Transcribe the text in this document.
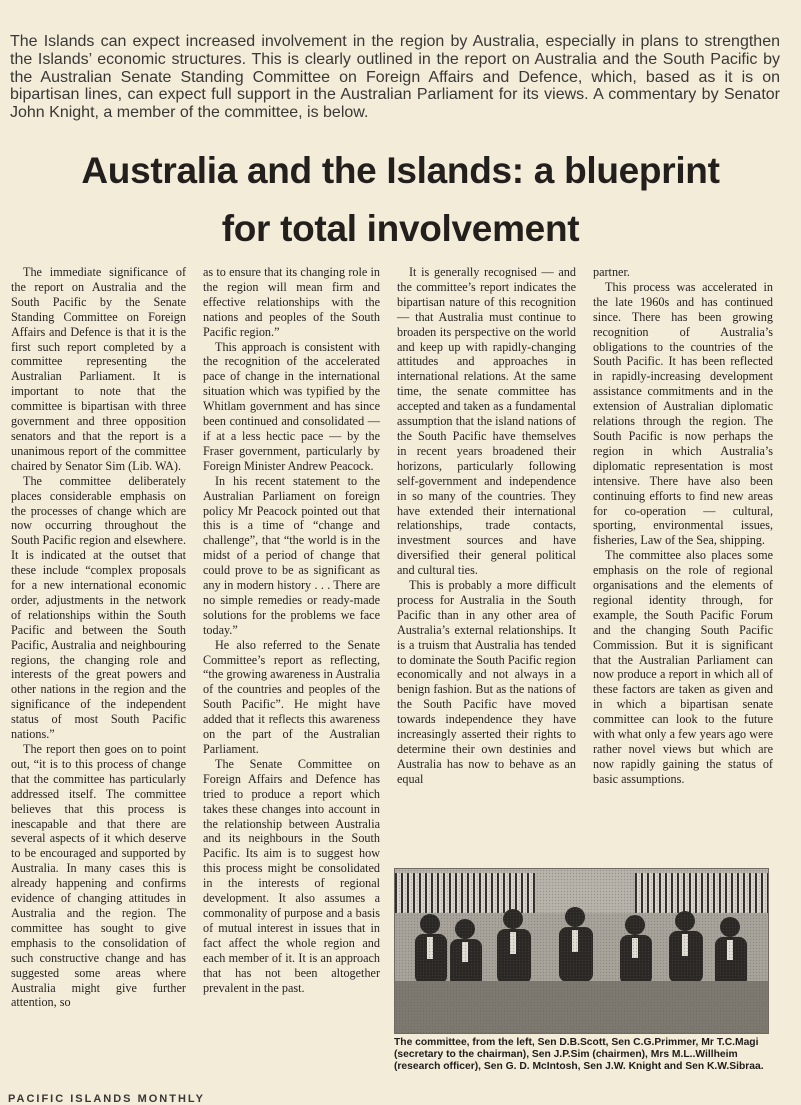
The Islands can expect increased involvement in the region by Australia, especially in plans to strengthen the Islands’ economic structures. This is clearly outlined in the report on Australia and the South Pacific by the Australian Senate Standing Committee on Foreign Affairs and Defence, which, based as it is on bipartisan lines, can expect full support in the Australian Parliament for its views. A commentary by Senator John Knight, a member of the committee, is below.

Australia and the Islands: a blueprint
for total involvement

The immediate significance of the report on Australia and the South Pacific by the Senate Standing Committee on Foreign Affairs and Defence is that it is the first such report completed by a committee representing the Australian Parliament. It is important to note that the committee is bipartisan with three government and three opposition senators and that the report is a unanimous report of the committee chaired by Senator Sim (Lib. WA).

The committee deliberately places considerable emphasis on the processes of change which are now occurring throughout the South Pacific region and elsewhere. It is indicated at the outset that these include “complex proposals for a new international economic order, adjustments in the network of relationships within the South Pacific and between the South Pacific, Australia and neighbouring regions, the changing role and interests of the great powers and other nations in the region and the significance of the independent status of most South Pacific nations.”

The report then goes on to point out, “it is to this process of change that the committee has particularly addressed itself. The committee believes that this process is inescapable and that there are several aspects of it which deserve to be encouraged and supported by Australia. In many cases this is already happening and confirms evidence of changing attitudes in Australia and the region. The committee has sought to give emphasis to the consolidation of such constructive change and has suggested some areas where Australia might give further attention, so

as to ensure that its changing role in the region will mean firm and effective relationships with the nations and peoples of the South Pacific region.”

This approach is consistent with the recognition of the accelerated pace of change in the international situation which was typified by the Whitlam government and has since been continued and consolidated — if at a less hectic pace — by the Fraser government, particularly by Foreign Minister Andrew Peacock.

In his recent statement to the Australian Parliament on foreign policy Mr Peacock pointed out that this is a time of “change and challenge”, that “the world is in the midst of a period of change that could prove to be as significant as any in modern history . . . There are no simple remedies or ready-made solutions for the problems we face today.”

He also referred to the Senate Committee’s report as reflecting, “the growing awareness in Australia of the countries and peoples of the South Pacific”. He might have added that it reflects this awareness on the part of the Australian Parliament.

The Senate Committee on Foreign Affairs and Defence has tried to produce a report which takes these changes into account in the relationship between Australia and its neighbours in the South Pacific. Its aim is to suggest how this process might be consolidated in the interests of regional development. It also assumes a commonality of purpose and a basis of mutual interest in issues that in fact affect the whole region and each member of it. It is an approach that has not been altogether prevalent in the past.

It is generally recognised — and the committee’s report indicates the bipartisan nature of this recognition — that Australia must continue to broaden its perspective on the world and keep up with rapidly-changing attitudes and approaches in international relations. At the same time, the senate committee has accepted and taken as a fundamental assumption that the island nations of the South Pacific have themselves in recent years broadened their horizons, particularly following self-government and independence in so many of the countries. They have extended their international relationships, trade contacts, investment sources and have diversified their general political and cultural ties.

This is probably a more difficult process for Australia in the South Pacific than in any other area of Australia’s external relationships. It is a truism that Australia has tended to dominate the South Pacific region economically and not always in a benign fashion. But as the nations of the South Pacific have moved towards independence they have increasingly asserted their rights to determine their own destinies and Australia has now to behave as an equal

partner.

This process was accelerated in the late 1960s and has continued since. There has been growing recognition of Australia’s obligations to the countries of the South Pacific. It has been reflected in rapidly-increasing development assistance commitments and in the extension of Australian diplomatic relations through the region. The South Pacific is now perhaps the region in which Australia’s diplomatic representation is most intensive. There have also been continuing efforts to find new areas for co-operation — cultural, sporting, environmental issues, fisheries, Law of the Sea, shipping.

The committee also places some emphasis on the role of regional organisations and the elements of regional identity through, for example, the South Pacific Forum and the changing South Pacific Commission. But it is significant that the Australian Parliament can now produce a report in which all of these factors are taken as given and in which a bipartisan senate committee can look to the future with what only a few years ago were rather novel views but which are now rapidly gaining the status of basic assumptions.

The committee, from the left, Sen D.B.Scott, Sen C.G.Primmer, Mr T.C.Magi (secretary to the chairman), Sen J.P.Sim (chairmen), Mrs M.L..Willheim (research officer), Sen G. D. McIntosh, Sen J.W. Knight and Sen K.W.Sibraa.

PACIFIC ISLANDS MONTHLY
